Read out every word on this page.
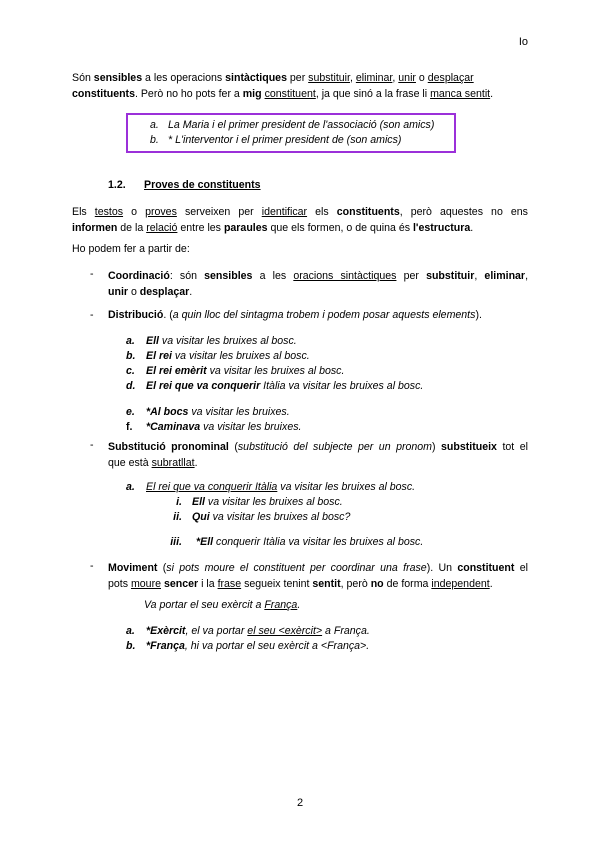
Io
Són sensibles a les operacions sintàctiques per substituir, eliminar, unir o desplaçar
constituents. Però no ho pots fer a mig constituent, ja que sinó a la frase li manca sentit.
a. La Maria i el primer president de l'associació (son amics)
b. * L'interventor i el primer president de (son amics)
1.2. Proves de constituents
Els testos o proves serveixen per identificar els constituents, però aquestes no ens
informen de la relació entre les paraules que els formen, o de quina és l'estructura.
Ho podem fer a partir de:
- Coordinació: són sensibles a les oracions sintàctiques per substituir, eliminar,
unir o desplaçar.
- Distribució. (a quin lloc del sintagma trobem i podem posar aquests elements).
a. Ell va visitar les bruixes al bosc.
b. El rei va visitar les bruixes al bosc.
c. El rei emèrit va visitar les bruixes al bosc.
d. El rei que va conquerir Itàlia va visitar les bruixes al bosc.
e. *Al bocs va visitar les bruixes.
f. *Caminava va visitar les bruixes.
- Substitució pronominal (substitució del subjecte per un pronom) substitueix tot el
que està subratllat.
a. El rei que va conquerir Itàlia va visitar les bruixes al bosc.
i. Ell va visitar les bruixes al bosc.
ii. Qui va visitar les bruixes al bosc?
iii. *Ell conquerir Itàlia va visitar les bruixes al bosc.
- Moviment (si pots moure el constituent per coordinar una frase). Un constituent el
pots moure sencer i la frase segueix tenint sentit, però no de forma independent.
Va portar el seu exèrcit a França.
a. *Exèrcit, el va portar el seu <exèrcit> a França.
b. *França, hi va portar el seu exèrcit a <França>.
2
